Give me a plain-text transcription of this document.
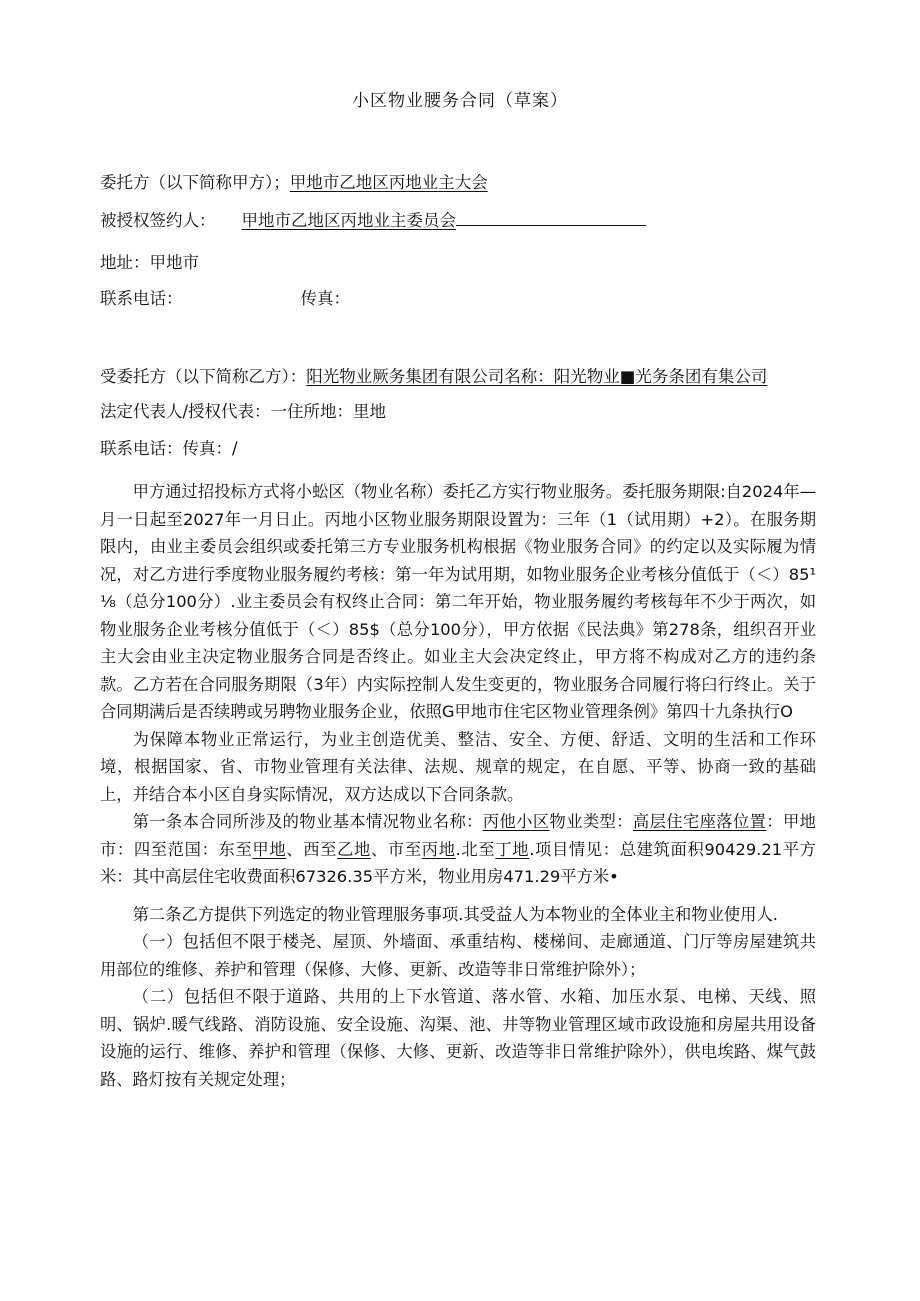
小区物业腰务合同（草案）
委托方（以下简称甲方）；甲地市乙地区丙地业主大会
被授权签约人： 甲地市乙地区丙地业主委员会
地址：甲地市
联系电话：	传真：
受委托方（以下简称乙方）：阳光物业厥务集团有限公司名称：阳光物业■光务条团有集公司
法定代表人/授权代表：一住所地：里地
联系电话：传真：/

甲方通过招投标方式将小蚣区（物业名称）委托乙方实行物业服务。委托服务期限:自2024年—月一日起至2027年一月日止。丙地小区物业服务期限设置为：三年（1（试用期）+2）。在服务期限内，由业主委员会组织或委托第三方专业服务机构根据《物业服务合同》的约定以及实际履为情况，对乙方进行季度物业服务履约考核：第一年为试用期，如物业服务企业考核分值低于（＜）85¹⅛（总分100分）.业主委员会有权终止合同：第二年开始，物业服务履约考核每年不少于两次，如物业服务企业考核分值低于（＜）85$（总分100分），甲方依据《民法典》第278条，组织召开业主大会由业主决定物业服务合同是否终止。如业主大会决定终止，甲方将不构成对乙方的违约条款。乙方若在合同服务期限（3年）内实际控制人发生变更的，物业服务合同履行将臼行终止。关于合同期满后是否续聘或另聘物业服务企业，依照G甲地市住宅区物业管理条例》第四十九条执行O

为保障本物业正常运行，为业主创造优美、整洁、安全、方便、舒适、文明的生活和工作环境，根据国家、省、市物业管理有关法律、法规、规章的规定，在自愿、平等、协商一致的基础上，并结合本小区自身实际情况，双方达成以下合同条款。

第一条本合同所涉及的物业基本情况物业名称：丙他小区物业类型：高层住宅座落位置：甲地市：四至范国：东至甲地、西至乙地、市至丙地.北至丁地.项目情见：总建筑面积90429.21平方米：其中高层住宅收费面积67326.35平方米，物业用房471.29平方米•

第二条乙方提供下列选定的物业管理服务事项.其受益人为本物业的全体业主和物业使用人.

（一）包括但不限于楼尧、屋顶、外墙面、承重结构、楼梯间、走廊通道、门厅等房屋建筑共用部位的维修、养护和管理（保修、大修、更新、改造等非日常维护除外）；

（二）包括但不限于道路、共用的上下水管道、落水管、水箱、加压水泵、电梯、天线、照明、锅炉.暖气线路、消防设施、安全设施、沟渠、池、井等物业管理区域市政设施和房屋共用设备设施的运行、维修、养护和管理（保修、大修、更新、改造等非日常维护除外），供电埃路、煤气鼓路、路灯按有关规定处理；
